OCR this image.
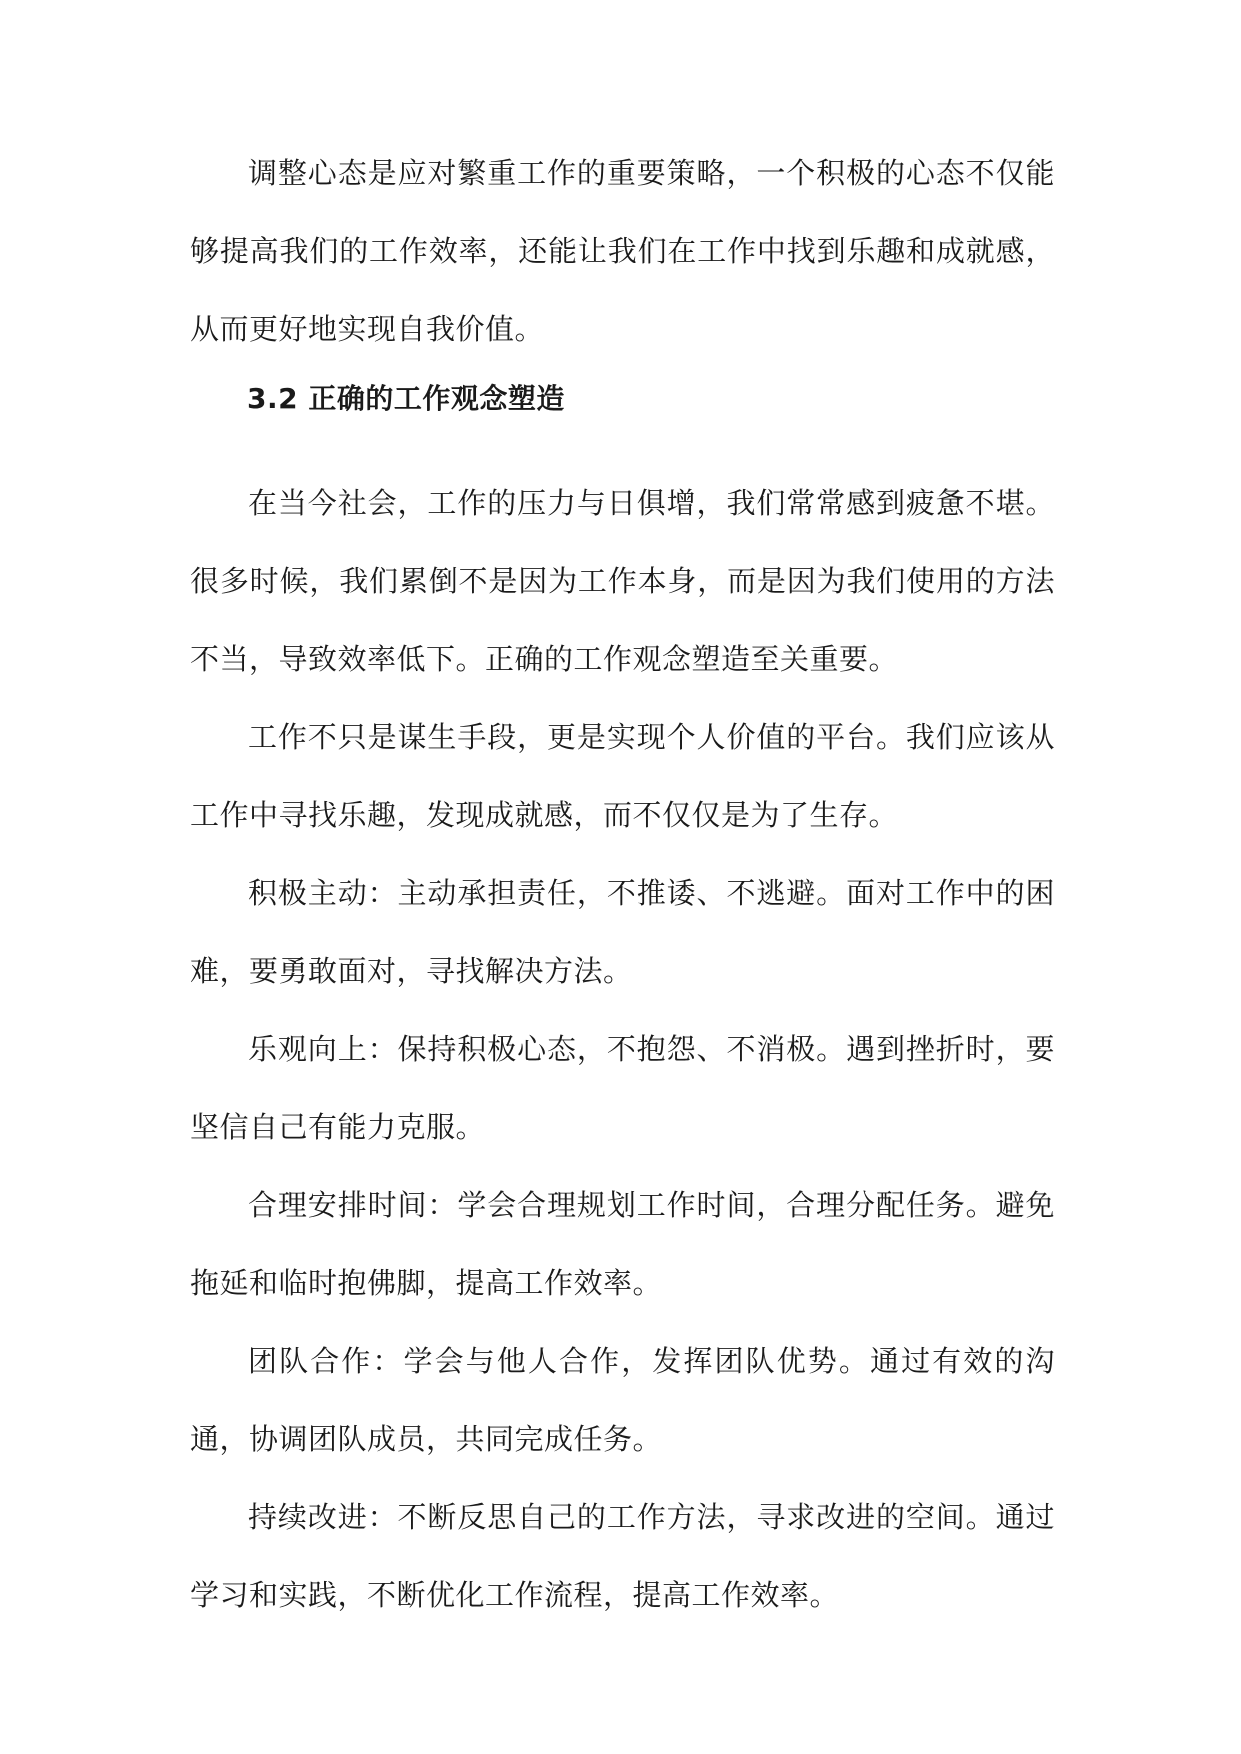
调整心态是应对繁重工作的重要策略，一个积极的心态不仅能够提高我们的工作效率，还能让我们在工作中找到乐趣和成就感，从而更好地实现自我价值。

3.2 正确的工作观念塑造

在当今社会，工作的压力与日俱增，我们常常感到疲惫不堪。很多时候，我们累倒不是因为工作本身，而是因为我们使用的方法不当，导致效率低下。正确的工作观念塑造至关重要。

工作不只是谋生手段，更是实现个人价值的平台。我们应该从工作中寻找乐趣，发现成就感，而不仅仅是为了生存。

积极主动：主动承担责任，不推诿、不逃避。面对工作中的困难，要勇敢面对，寻找解决方法。

乐观向上：保持积极心态，不抱怨、不消极。遇到挫折时，要坚信自己有能力克服。

合理安排时间：学会合理规划工作时间，合理分配任务。避免拖延和临时抱佛脚，提高工作效率。

团队合作：学会与他人合作，发挥团队优势。通过有效的沟通，协调团队成员，共同完成任务。

持续改进：不断反思自己的工作方法，寻求改进的空间。通过学习和实践，不断优化工作流程，提高工作效率。
